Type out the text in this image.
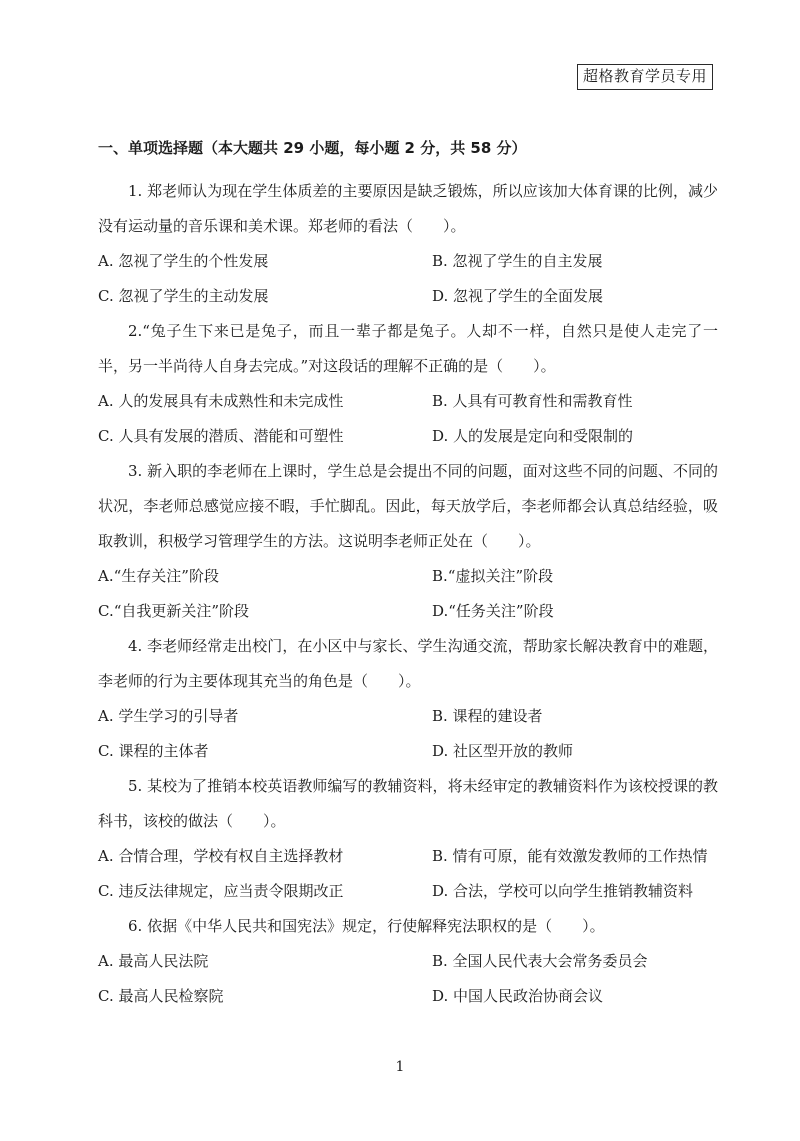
超格教育学员专用
一、单项选择题（本大题共 29 小题，每小题 2 分，共 58 分）

1. 郑老师认为现在学生体质差的主要原因是缺乏锻炼，所以应该加大体育课的比例，减少没有运动量的音乐课和美术课。郑老师的看法（　　）。

A. 忽视了学生的个性发展	B. 忽视了学生的自主发展
C. 忽视了学生的主动发展	D. 忽视了学生的全面发展

2.“兔子生下来已是兔子，而且一辈子都是兔子。人却不一样，自然只是使人走完了一半，另一半尚待人自身去完成。”对这段话的理解不正确的是（　　）。

A. 人的发展具有未成熟性和未完成性	B. 人具有可教育性和需教育性
C. 人具有发展的潜质、潜能和可塑性	D. 人的发展是定向和受限制的

3. 新入职的李老师在上课时，学生总是会提出不同的问题，面对这些不同的问题、不同的状况，李老师总感觉应接不暇，手忙脚乱。因此，每天放学后，李老师都会认真总结经验，吸取教训，积极学习管理学生的方法。这说明李老师正处在（　　）。

A.“生存关注”阶段	B.“虚拟关注”阶段
C.“自我更新关注”阶段	D.“任务关注”阶段

4. 李老师经常走出校门，在小区中与家长、学生沟通交流，帮助家长解决教育中的难题，李老师的行为主要体现其充当的角色是（　　）。

A. 学生学习的引导者	B. 课程的建设者
C. 课程的主体者	D. 社区型开放的教师

5. 某校为了推销本校英语教师编写的教辅资料，将未经审定的教辅资料作为该校授课的教科书，该校的做法（　　）。

A. 合情合理，学校有权自主选择教材	B. 情有可原，能有效激发教师的工作热情
C. 违反法律规定，应当责令限期改正	D. 合法，学校可以向学生推销教辅资料

6. 依据《中华人民共和国宪法》规定，行使解释宪法职权的是（　　）。

A. 最高人民法院	B. 全国人民代表大会常务委员会
C. 最高人民检察院	D. 中国人民政治协商会议
1
